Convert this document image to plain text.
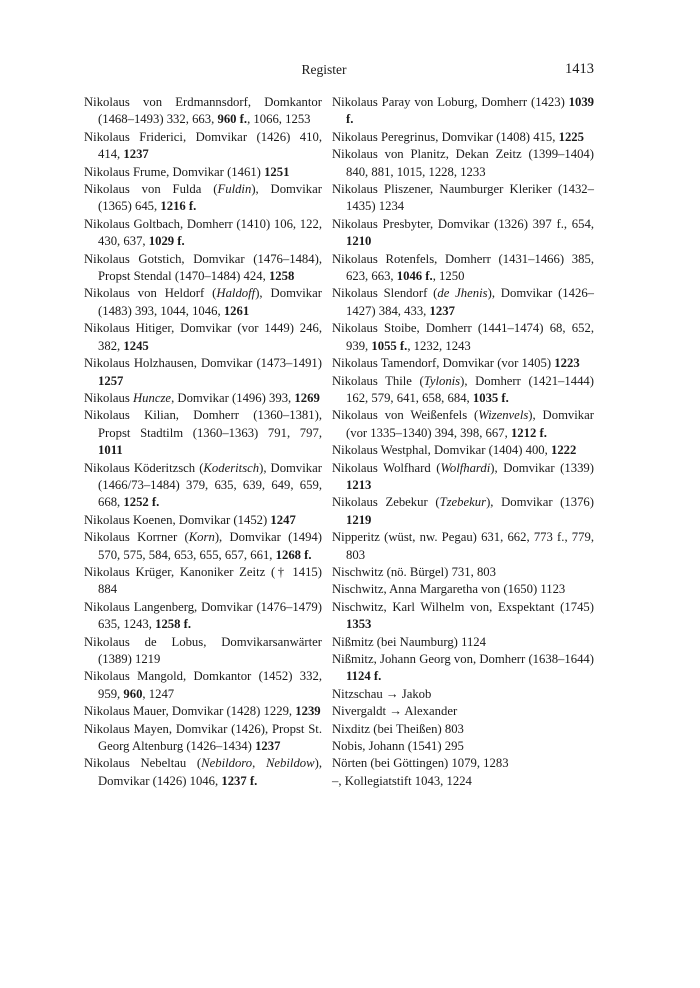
Register	1413

Nikolaus von Erdmannsdorf, Domkantor (1468–1493) 332, 663, 960 f., 1066, 1253

Nikolaus Friderici, Domvikar (1426) 410, 414, 1237

Nikolaus Frume, Domvikar (1461) 1251

Nikolaus von Fulda (Fuldin), Domvikar (1365) 645, 1216 f.

Nikolaus Goltbach, Domherr (1410) 106, 122, 430, 637, 1029 f.

Nikolaus Gotstich, Domvikar (1476–1484), Propst Stendal (1470–1484) 424, 1258

Nikolaus von Heldorf (Haldoff), Domvikar (1483) 393, 1044, 1046, 1261

Nikolaus Hitiger, Domvikar (vor 1449) 246, 382, 1245

Nikolaus Holzhausen, Domvikar (1473–1491) 1257

Nikolaus Huncze, Domvikar (1496) 393, 1269

Nikolaus Kilian, Domherr (1360–1381), Propst Stadtilm (1360–1363) 791, 797, 1011

Nikolaus Köderitzsch (Koderitsch), Domvikar (1466/73–1484) 379, 635, 639, 649, 659, 668, 1252 f.

Nikolaus Koenen, Domvikar (1452) 1247

Nikolaus Korrner (Korn), Domvikar (1494) 570, 575, 584, 653, 655, 657, 661, 1268 f.

Nikolaus Krüger, Kanoniker Zeitz († 1415) 884

Nikolaus Langenberg, Domvikar (1476–1479) 635, 1243, 1258 f.

Nikolaus de Lobus, Domvikarsanwärter (1389) 1219

Nikolaus Mangold, Domkantor (1452) 332, 959, 960, 1247

Nikolaus Mauer, Domvikar (1428) 1229, 1239

Nikolaus Mayen, Domvikar (1426), Propst St. Georg Altenburg (1426–1434) 1237

Nikolaus Nebeltau (Nebildoro, Nebildow), Domvikar (1426) 1046, 1237 f.

Nikolaus Paray von Loburg, Domherr (1423) 1039 f.

Nikolaus Peregrinus, Domvikar (1408) 415, 1225

Nikolaus von Planitz, Dekan Zeitz (1399–1404) 840, 881, 1015, 1228, 1233

Nikolaus Pliszener, Naumburger Kleriker (1432–1435) 1234

Nikolaus Presbyter, Domvikar (1326) 397 f., 654, 1210

Nikolaus Rotenfels, Domherr (1431–1466) 385, 623, 663, 1046 f., 1250

Nikolaus Slendorf (de Jhenis), Domvikar (1426–1427) 384, 433, 1237

Nikolaus Stoibe, Domherr (1441–1474) 68, 652, 939, 1055 f., 1232, 1243

Nikolaus Tamendorf, Domvikar (vor 1405) 1223

Nikolaus Thile (Tylonis), Domherr (1421–1444) 162, 579, 641, 658, 684, 1035 f.

Nikolaus von Weißenfels (Wizenvels), Domvikar (vor 1335–1340) 394, 398, 667, 1212 f.

Nikolaus Westphal, Domvikar (1404) 400, 1222

Nikolaus Wolfhard (Wolfhardi), Domvikar (1339) 1213

Nikolaus Zebekur (Tzebekur), Domvikar (1376) 1219

Nipperitz (wüst, nw. Pegau) 631, 662, 773 f., 779, 803

Nischwitz (nö. Bürgel) 731, 803

Nischwitz, Anna Margaretha von (1650) 1123

Nischwitz, Karl Wilhelm von, Exspektant (1745) 1353

Nißmitz (bei Naumburg) 1124

Nißmitz, Johann Georg von, Domherr (1638–1644) 1124 f.

Nitzschau → Jakob

Nivergaldt → Alexander

Nixditz (bei Theißen) 803

Nobis, Johann (1541) 295

Nörten (bei Göttingen) 1079, 1283

–, Kollegiatstift 1043, 1224
